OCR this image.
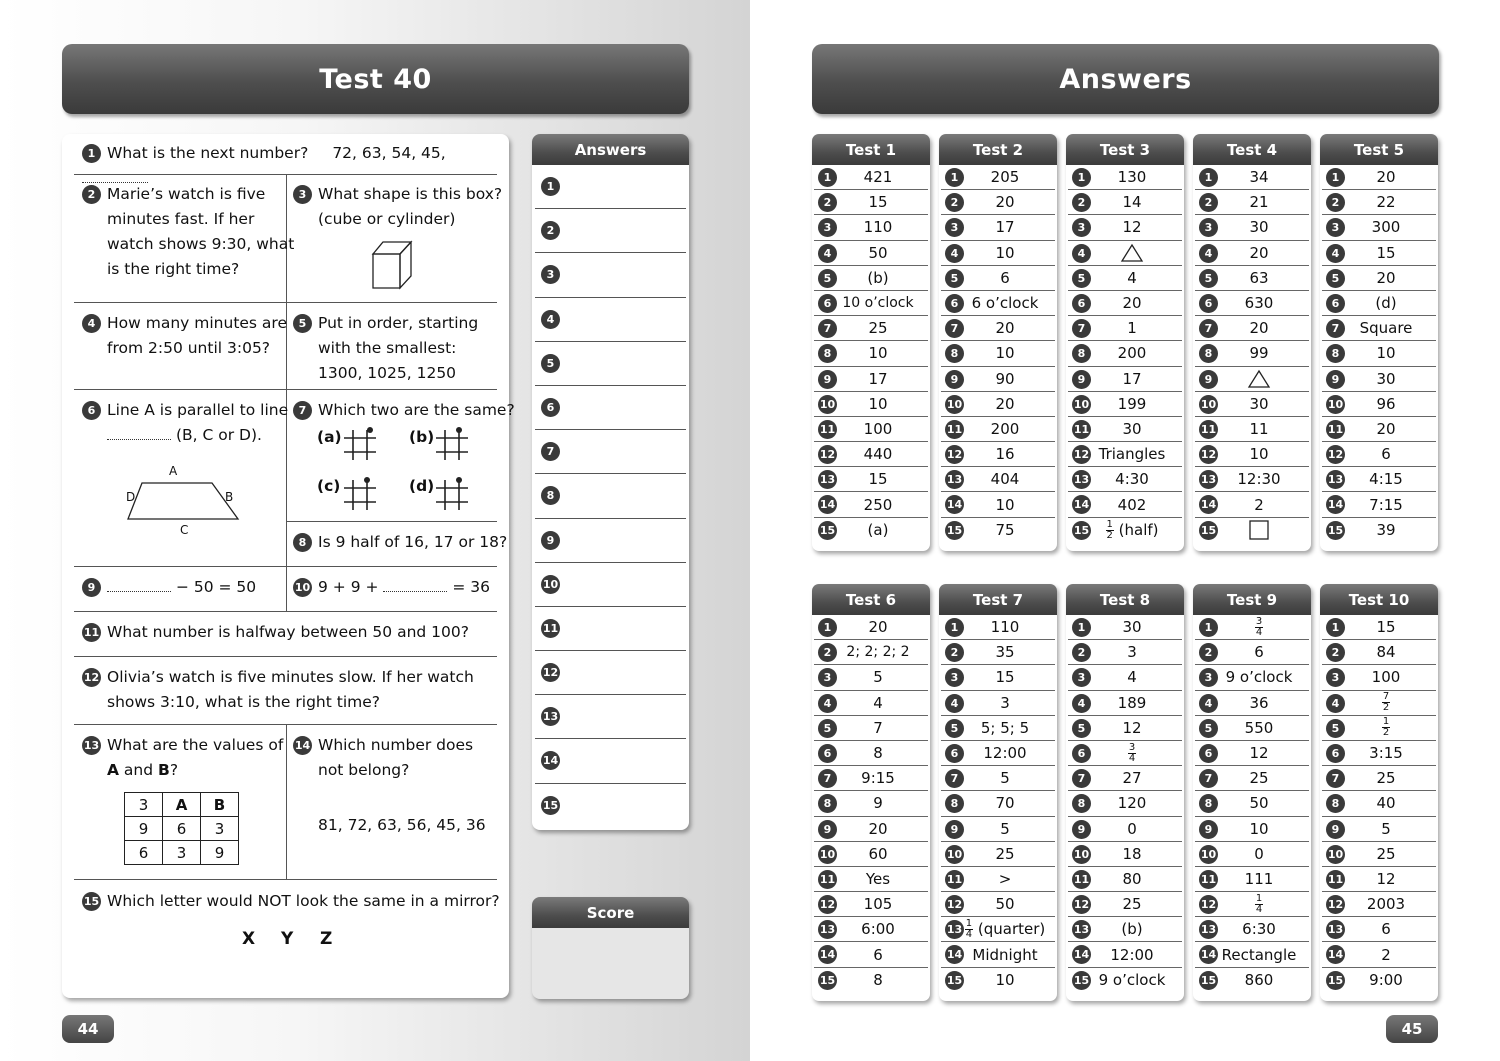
Test 40	Answers
1 What is the next number? 72, 63, 54, 45,
2 Marie’s watch is five
minutes fast. If her
watch shows 9:30, what
is the right time?
3 What shape is this box?
(cube or cylinder)
4 How many minutes are
from 2:50 until 3:05?
5 Put in order, starting
with the smallest:
1300, 1025, 1250
6 Line A is parallel to line
(B, C or D).
A
B
C
D
7 Which two are the same?
(a)	(b)
(c)	(d)
8 Is 9 half of 16, 17 or 18?
9	− 50 = 50	10 9 + 9 +	= 36
11 What number is halfway between 50 and 100?
12 Olivia’s watch is five minutes slow. If her watch
shows 3:10, what is the right time?
13 What are the values of
A and B?
3	A	B
9	6	3
6	3	9
14 Which number does
not belong?
81, 72, 63, 56, 45, 36
15 Which letter would NOT look the same in a mirror?
X Y Z
Answers
1
2
3
4
5
6
7
8
9
10
11
12
13
14
15
Score
44	45
Test 1
1	421
2	15
3	110
4	50
5	(b)
6 10 o’clock
7	25
8	10
9	17
10	10
11	100
12	440
13	15
14	250
15	(a)
Test 2
1	205
2	20
3	17
4	10
5	6
6 6 o’clock
7	20
8	10
9	90
10	20
11	200
12	16
13	404
14	10
15	75
Test 3
1	130
2	14
3	12
4
5	4
6	20
7	1
8	200
9	17
10	199
11	30
12 Triangles
13	4:30
14	402
$15 \frac{1}{2}$ (half)
Test 4
1	34
2	21
3	30
4	20
5	63
6	630
7	20
8	99
9
10	30
11	11
12	10
13	12:30
14	2
15
Test 5
1	20
2	22
3	300
4	15
5	20
6	(d)
7	Square
8	10
9	30
10	96
11	20
12	6
13	4:15
14	7:15
15	39
Test 6
1	20
2	2; 2; 2; 2
3	5
4	4
5	7
6	8
7	9:15
8	9
9	20
10	60
11	Yes
12	105
13	6:00
14	6
15	8
Test 7
1	110
2	35
3	15
4	3
5	5; 5; 5
6	12:00
7	5
8	70
9	5
10	25
11	>
12	50
$13 \frac{1}{4}$ (quarter)
14 Midnight
15	10
Test 8
1	30
2	3
3	4
4	189
5	12
6	$\frac{3}{4}$
7	27
8	120
9	0
10	18
11	80
12	25
13	(b)
14	12:00
15 9 o’clock
Test 9
1	$\frac{3}{4}$
2	6
3 9 o’clock
4	36
5	550
6	12
7	25
8	50
9	10
10	0
11	111
12	$\frac{1}{4}$
13	6:30
14 Rectangle
15	860
Test 10
1	15
2	84
3	100
4	$\frac{7}{2}$
5	$\frac{1}{2}$
6	3:15
7	25
8	40
9	5
10	25
11	12
12	2003
13	6
14	2
15	9:00
